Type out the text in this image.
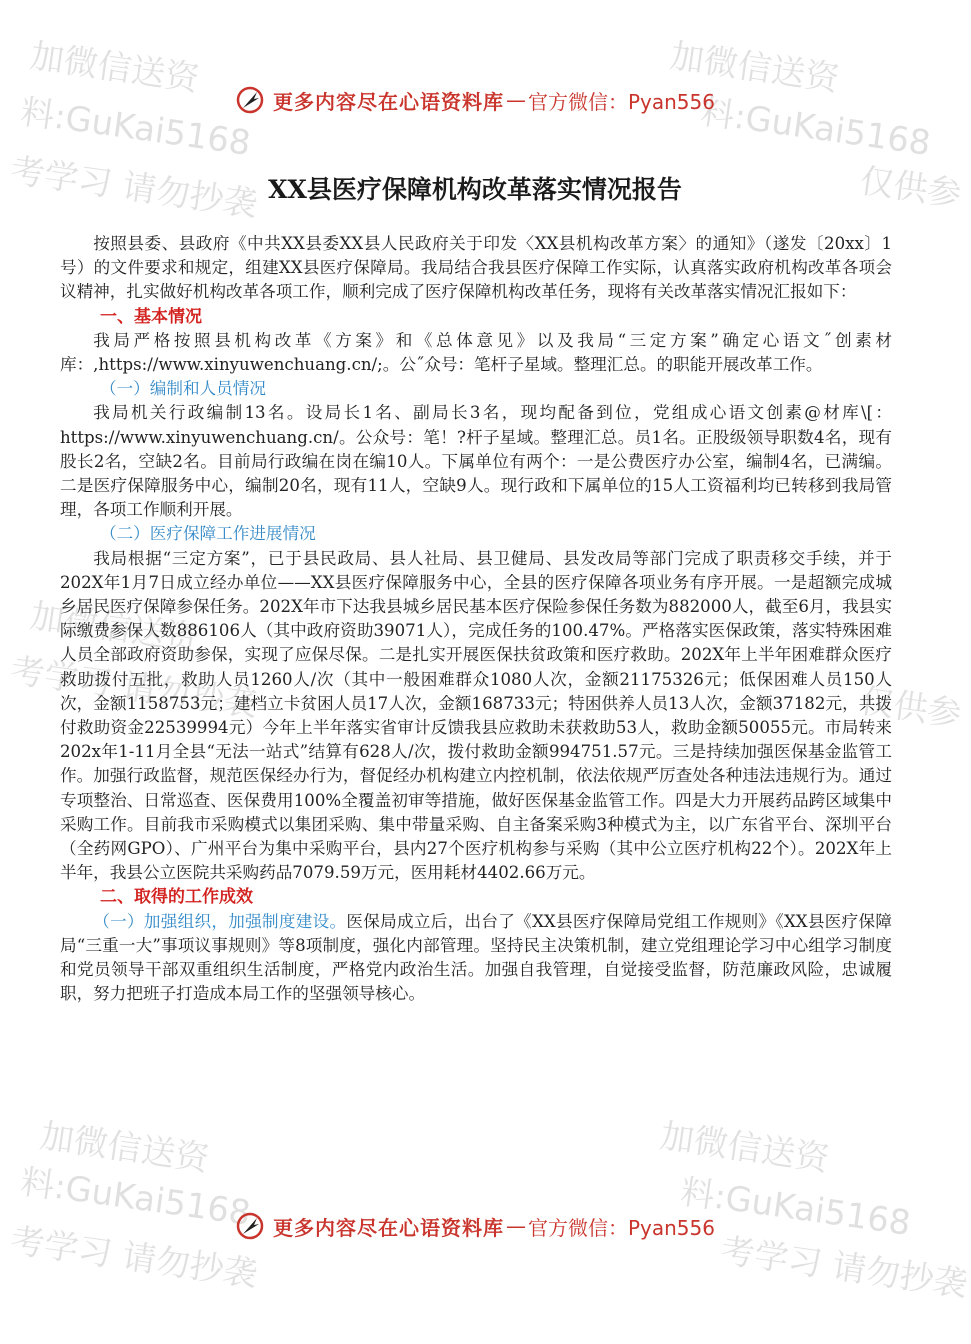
加微信送资
料:GuKai5168
考学习 请勿抄袭
加微信送资
料:GuKai5168
仅供参
加微信送资
考学习 请勿抄袭	仅供参
加微信送资
料:GuKai5168
考学习 请勿抄袭
加微信送资
料:GuKai5168
考学习 请勿抄袭
更多内容尽在心语资料库 — 官方微信：Pyan556
XX县医疗保障机构改革落实情况报告

按照县委、县政府《中共XX县委XX县人民政府关于印发〈XX县机构改革方案〉的通知》（遂发〔20xx〕1号）的文件要求和规定，组建XX县医疗保障局。我局结合我县医疗保障工作实际，认真落实政府机构改革各项会议精神，扎实做好机构改革各项工作，顺利完成了医疗保障机构改革任务，现将有关改革落实情况汇报如下：

一、基本情况

我局严格按照县机构改革《方案》和《总体意见》以及我局“三定方案”确定心语文˝创素材库：,https://www.xinyuwenchuang.cn/;。公˝众号：笔杆子星域。整理汇总。的职能开展改革工作。

（一）编制和人员情况

我局机关行政编制13名。设局长1名、副局长3名，现均配备到位，党组成心语文创素@材库\[：https://www.xinyuwenchuang.cn/。公众号：笔！?杆子星域。整理汇总。员1名。正股级领导职数4名，现有股长2名，空缺2名。目前局行政编在岗在编10人。下属单位有两个：一是公费医疗办公室，编制4名，已满编。二是医疗保障服务中心，编制20名，现有11人，空缺9人。现行政和下属单位的15人工资福利均已转移到我局管理，各项工作顺利开展。

（二）医疗保障工作进展情况

我局根据“三定方案”，已于县民政局、县人社局、县卫健局、县发改局等部门完成了职责移交手续，并于202X年1月7日成立经办单位——XX县医疗保障服务中心，全县的医疗保障各项业务有序开展。一是超额完成城乡居民医疗保障参保任务。202X年市下达我县城乡居民基本医疗保险参保任务数为882000人，截至6月，我县实际缴费参保人数886106人（其中政府资助39071人），完成任务的100.47%。严格落实医保政策，落实特殊困难人员全部政府资助参保，实现了应保尽保。二是扎实开展医保扶贫政策和医疗救助。202X年上半年困难群众医疗救助拨付五批，救助人员1260人/次（其中一般困难群众1080人次，金额21175326元；低保困难人员150人次，金额1158753元；建档立卡贫困人员17人次，金额168733元；特困供养人员13人次，金额37182元，共拨付救助资金22539994元）今年上半年落实省审计反馈我县应救助未获救助53人，救助金额50055元。市局转来202x年1-11月全县“无法一站式”结算有628人/次，拨付救助金额994751.57元。三是持续加强医保基金监管工作。加强行政监督，规范医保经办行为，督促经办机构建立内控机制，依法依规严厉查处各种违法违规行为。通过专项整治、日常巡查、医保费用100%全覆盖初审等措施，做好医保基金监管工作。四是大力开展药品跨区域集中采购工作。目前我市采购模式以集团采购、集中带量采购、自主备案采购3种模式为主，以广东省平台、深圳平台（全药网GPO）、广州平台为集中采购平台，县内27个医疗机构参与采购（其中公立医疗机构22个）。202X年上半年，我县公立医院共采购药品7079.59万元，医用耗材4402.66万元。

二、取得的工作成效

（一）加强组织，加强制度建设。医保局成立后，出台了《XX县医疗保障局党组工作规则》《XX县医疗保障局“三重一大”事项议事规则》等8项制度，强化内部管理。坚持民主决策机制，建立党组理论学习中心组学习制度和党员领导干部双重组织生活制度，严格党内政治生活。加强自我管理，自觉接受监督，防范廉政风险，忠诚履职，努力把班子打造成本局工作的坚强领导核心。

更多内容尽在心语资料库 — 官方微信：Pyan556
